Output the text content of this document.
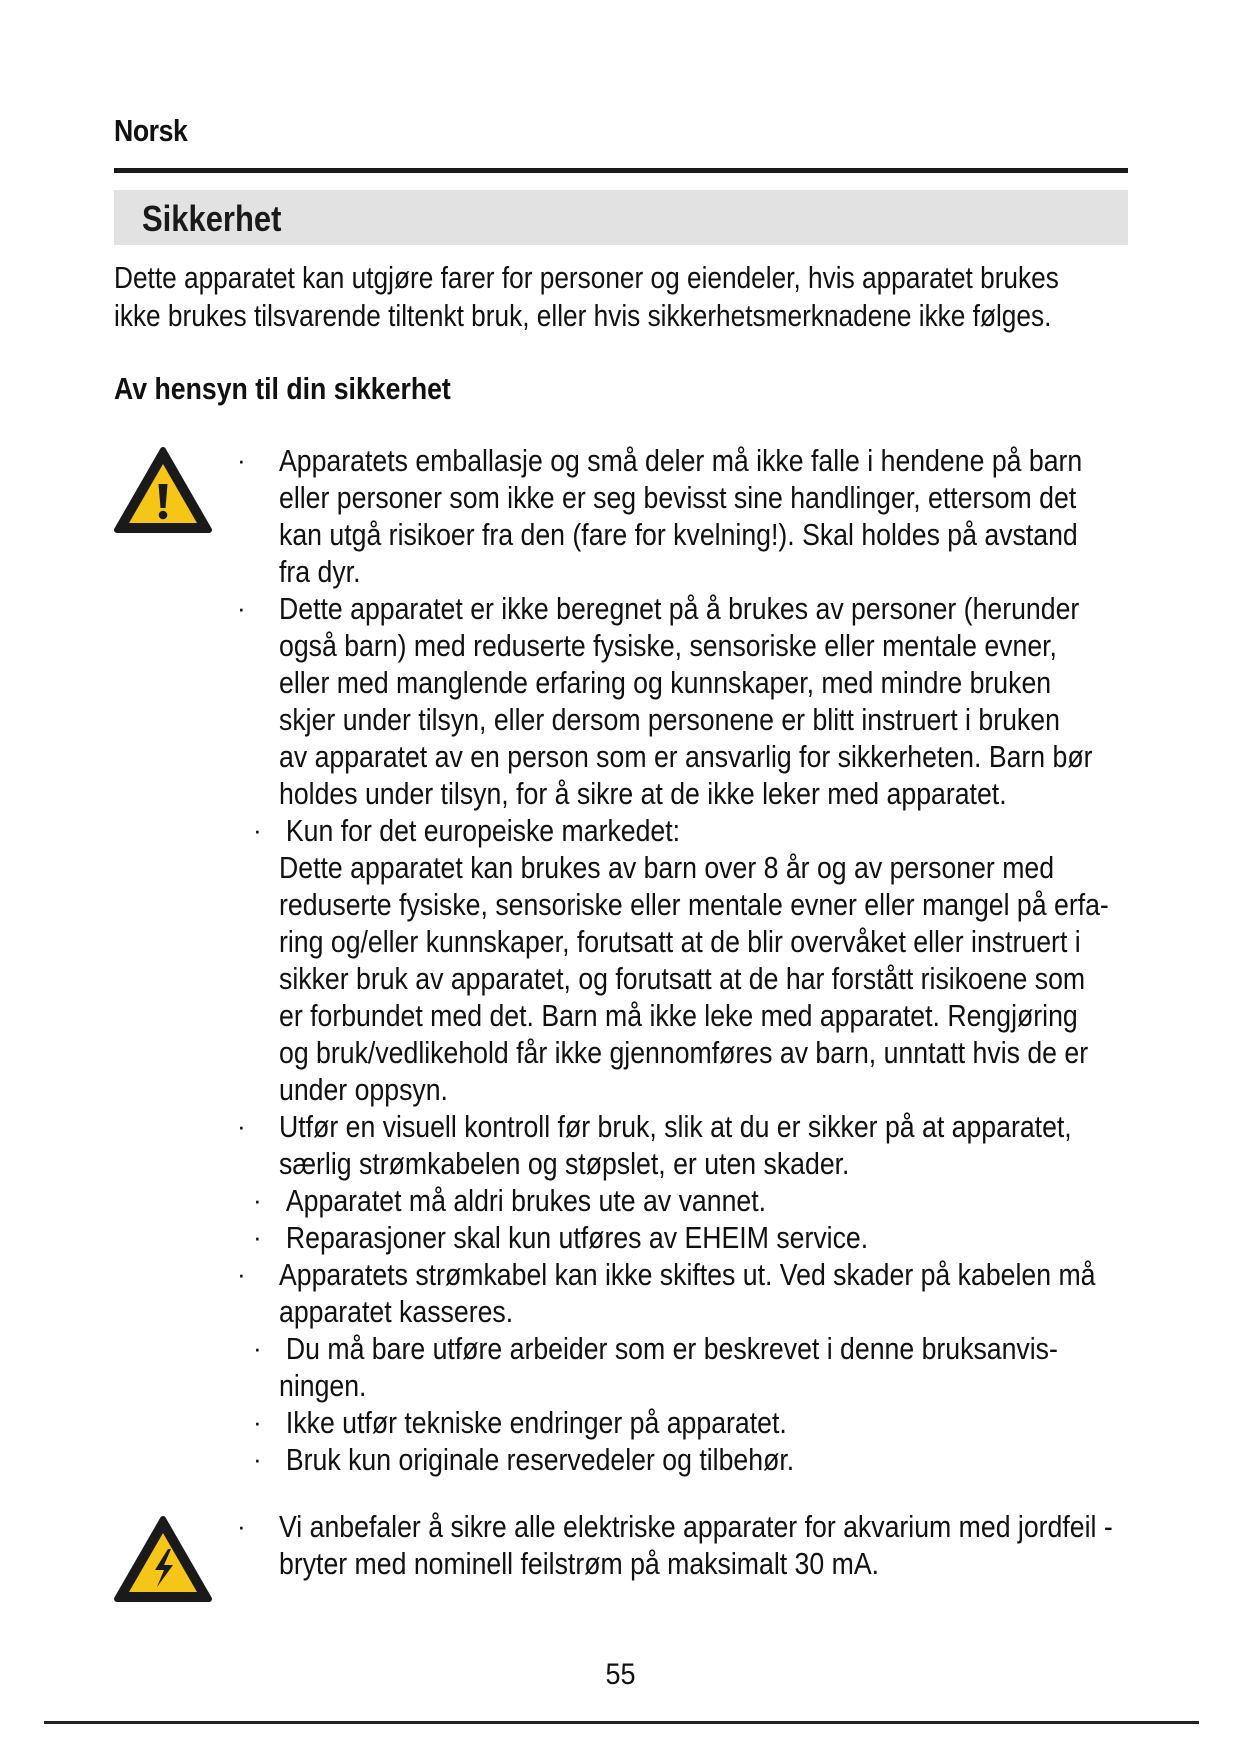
Norsk
Sikkerhet

Dette apparatet kan utgjøre farer for personer og eiendeler, hvis apparatet brukes

ikke brukes tilsvarende tiltenkt bruk, eller hvis sikkerhetsmerknadene ikke følges.

Av hensyn til din sikkerhet
·	Apparatets emballasje og små deler må ikke falle i hendene på barn
eller personer som ikke er seg bevisst sine handlinger, ettersom det
kan utgå risikoer fra den (fare for kvelning!). Skal holdes på avstand
fra dyr.
·	Dette apparatet er ikke beregnet på å brukes av personer (herunder
også barn) med reduserte fysiske, sensoriske eller mentale evner,
eller med manglende erfaring og kunnskaper, med mindre bruken
skjer under tilsyn, eller dersom personene er blitt instruert i bruken
av apparatet av en person som er ansvarlig for sikkerheten. Barn bør
holdes under tilsyn, for å sikre at de ikke leker med apparatet.
· Kun for det europeiske markedet:
Dette apparatet kan brukes av barn over 8 år og av personer med
reduserte fysiske, sensoriske eller mentale evner eller mangel på erfa-
ring og/eller kunnskaper, forutsatt at de blir overvåket eller instruert i
sikker bruk av apparatet, og forutsatt at de har forstått risikoene som
er forbundet med det. Barn må ikke leke med apparatet. Rengjøring
og bruk/vedlikehold får ikke gjennomføres av barn, unntatt hvis de er
under oppsyn.
·	Utfør en visuell kontroll før bruk, slik at du er sikker på at apparatet,
særlig strømkabelen og støpslet, er uten skader.
· Apparatet må aldri brukes ute av vannet.
· Reparasjoner skal kun utføres av EHEIM service.
·	Apparatets strømkabel kan ikke skiftes ut. Ved skader på kabelen må
apparatet kasseres.
· Du må bare utføre arbeider som er beskrevet i denne bruksanvis-
ningen.
· Ikke utfør tekniske endringer på apparatet.
· Bruk kun originale reservedeler og tilbehør.
·	Vi anbefaler å sikre alle elektriske apparater for akvarium med jordfeil -
bryter med nominell feilstrøm på maksimalt 30 mA.
55
